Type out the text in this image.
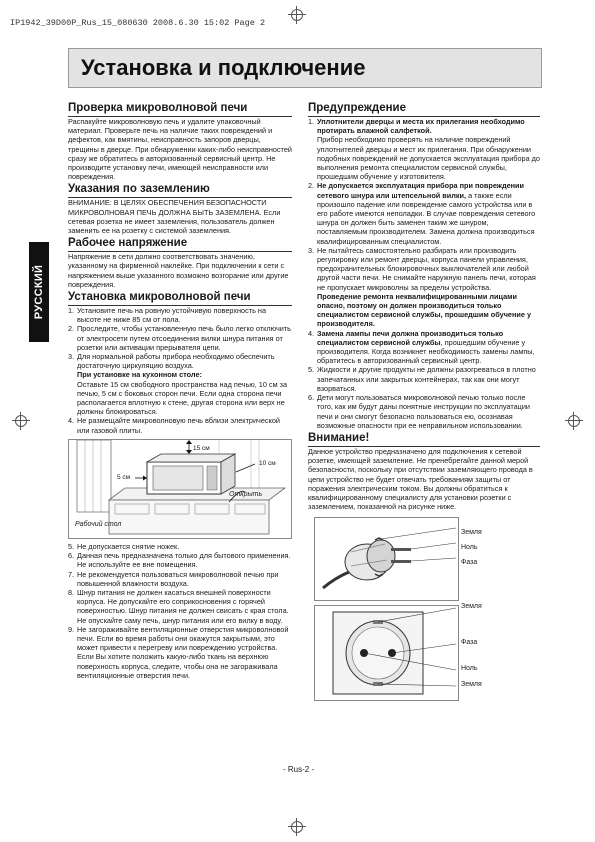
IP1942_39D00P_Rus_15_080630 2008.6.30 15:02 Page 2
Установка и подключение
РУССКИЙ
Проверка микроволновой печи

Распакуйте микроволновую печь и удалите упаковочный материал. Проверьте печь на наличие таких повреждений и дефектов, как вмятины, неисправность запоров дверцы, трещины в дверце. При обнаружении каких-либо неисправностей сразу же обратитесь в авторизованный сервисный центр. Не производите установку печи, имеющей неисправности или повреждения.

Указания по заземлению

ВНИМАНИЕ: В ЦЕЛЯХ ОБЕСПЕЧЕНИЯ БЕЗОПАСНОСТИ МИКРОВОЛНОВАЯ ПЕЧЬ ДОЛЖНА БЫТЬ ЗАЗЕМЛЕНА. Если сетевая розетка не имеет заземления, пользователь должен заменить ее на розетку с системой заземления.

Рабочее напряжение

Напряжение в сети должно соответствовать значению, указанному на фирменной наклейке. При подключении к сети с напряжением выше указанного возможно возгорание или другие повреждения.

Установка микроволновой печи
1. Установите печь на ровную устойчивую поверхность на высоте не ниже 85 см от пола.
2. Проследите, чтобы установленную печь было легко отключить от электросети путем отсоединения вилки шнура питания от розетки или активации прерывателя цепи.
3. Для нормальной работы прибора необходимо обеспечить достаточную циркуляцию воздуха.
При установке на кухонном столе:
Оставьте 15 см свободного пространства над печью, 10 см за печью, 5 см с боковых сторон печи. Если одна сторона печи располагается вплотную к стене, другая сторона или верх не должны блокироваться.
4. Не размещайте микроволновую печь вблизи электрической или газовой плиты.
15 см
5 см
10 см
Открыть
Рабочий стол
5. Не допускается снятие ножек.
6. Данная печь предназначена только для бытового применения. Не используйте ее вне помещения.
7. Не рекомендуется пользоваться микроволновой печью при повышенной влажности воздуха.
8. Шнур питания не должен касаться внешней поверхности корпуса. Не допускайте его соприкосновения с горячей поверхностью. Шнур питания не должен свисать с края стола. Не опускайте саму печь, шнур питания или его вилку в воду.
9. Не загораживайте вентиляционные отверстия микроволновой печи. Если во время работы они окажутся закрытыми, это может привести к перегреву или повреждению устройства. Если Вы хотите положить какую-либо ткань на верхнюю поверхность корпуса, следите, чтобы она не загораживала вентиляционные отверстия печи.
Предупреждение
1. Уплотнители дверцы и места их прилегания необходимо протирать влажной салфеткой.
Прибор необходимо проверять на наличие повреждений уплотнителей дверцы и мест их прилегания. При обнаружении подобных повреждений не допускается эксплуатация прибора до выполнения ремонта специалистом сервисной службы, прошедшим обучение у изготовителя.
2. Не допускается эксплуатация прибора при повреждении сетевого шнура или штепсельной вилки, а также если произошло падение или повреждение самого устройства или в его работе имеются неполадки. В случае повреждения сетевого шнура он должен быть заменен таким же шнуром, поставляемым производителем. Замена должна производиться квалифицированным специалистом.
3. Не пытайтесь самостоятельно разбирать или производить регулировку или ремонт дверцы, корпуса панели управления, предохранительных блокировочных выключателей или любой другой части печи. Не снимайте наружную панель печи, которая не пропускает микроволны за пределы устройства.
Проведение ремонта неквалифицированными лицами опасно, поэтому он должен производиться только специалистом сервисной службы, прошедшим обучение у производителя.
4. Замена лампы печи должна производиться только специалистом сервисной службы, прошедшим обучение у производителя. Когда возникнет необходимость замены лампы, обратитесь в авторизованный сервисный центр.
5. Жидкости и другие продукты не должны разогреваться в плотно запечатанных или закрытых контейнерах, так как они могут взорваться.
6. Дети могут пользоваться микроволновой печью только после того, как им будут даны понятные инструкции по эксплуатации печи и они смогут безопасно пользоваться ею, осознавая возможные опасности при ее неправильном использовании.
Внимание!

Данное устройство предназначено для подключения к сетевой розетке, имеющей заземление. Не пренебрегайте данной мерой безопасности, поскольку при отсутствии заземляющего провода в цепи устройство не будет отвечать требованиям защиты от поражения электрическим током. Вы должны обратиться к квалифицированному специалисту для установки розетки с заземлением, показанной на рисунке ниже.

Земля
Ноль
Фаза
Земля
Фаза
Ноль
Земля
- Rus-2 -
